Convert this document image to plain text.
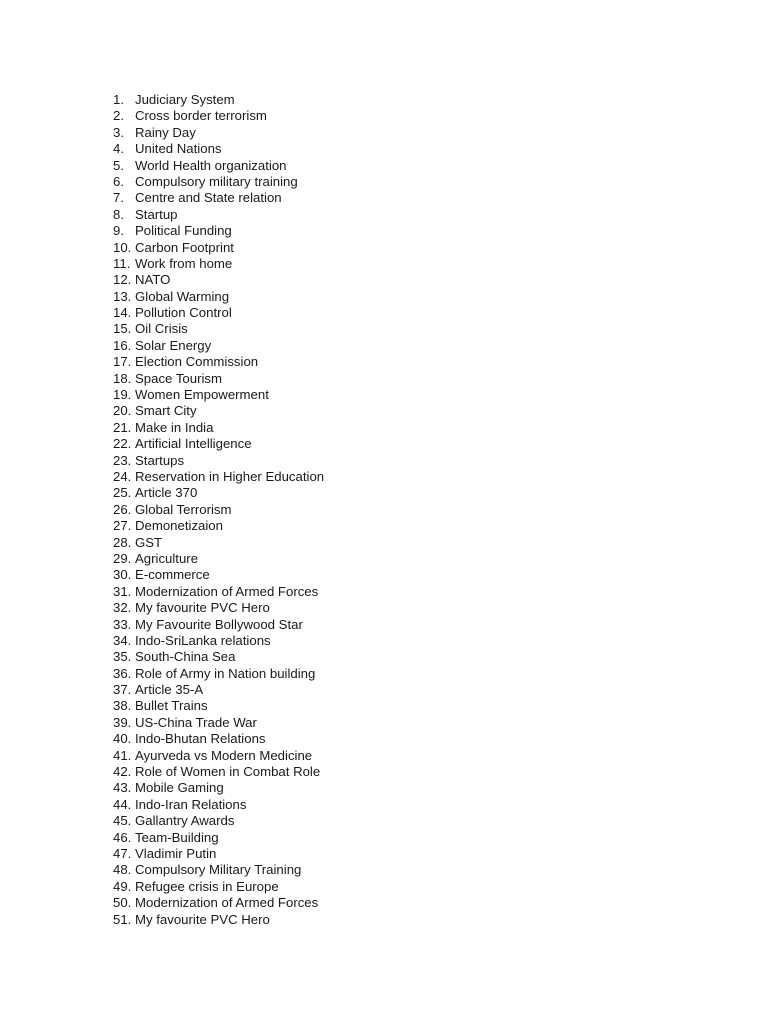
1. Judiciary System
2. Cross border terrorism
3. Rainy Day
4. United Nations
5. World Health organization
6. Compulsory military training
7. Centre and State relation
8. Startup
9. Political Funding
10. Carbon Footprint
11. Work from home
12. NATO
13. Global Warming
14. Pollution Control
15. Oil Crisis
16. Solar Energy
17. Election Commission
18. Space Tourism
19. Women Empowerment
20. Smart City
21. Make in India
22. Artificial Intelligence
23. Startups
24. Reservation in Higher Education
25. Article 370
26. Global Terrorism
27. Demonetizaion
28. GST
29. Agriculture
30. E-commerce
31. Modernization of Armed Forces
32. My favourite PVC Hero
33. My Favourite Bollywood Star
34. Indo-SriLanka relations
35. South-China Sea
36. Role of Army in Nation building
37. Article 35-A
38. Bullet Trains
39. US-China Trade War
40. Indo-Bhutan Relations
41. Ayurveda vs Modern Medicine
42. Role of Women in Combat Role
43. Mobile Gaming
44. Indo-Iran Relations
45. Gallantry Awards
46. Team-Building
47. Vladimir Putin
48. Compulsory Military Training
49. Refugee crisis in Europe
50. Modernization of Armed Forces
51. My favourite PVC Hero
